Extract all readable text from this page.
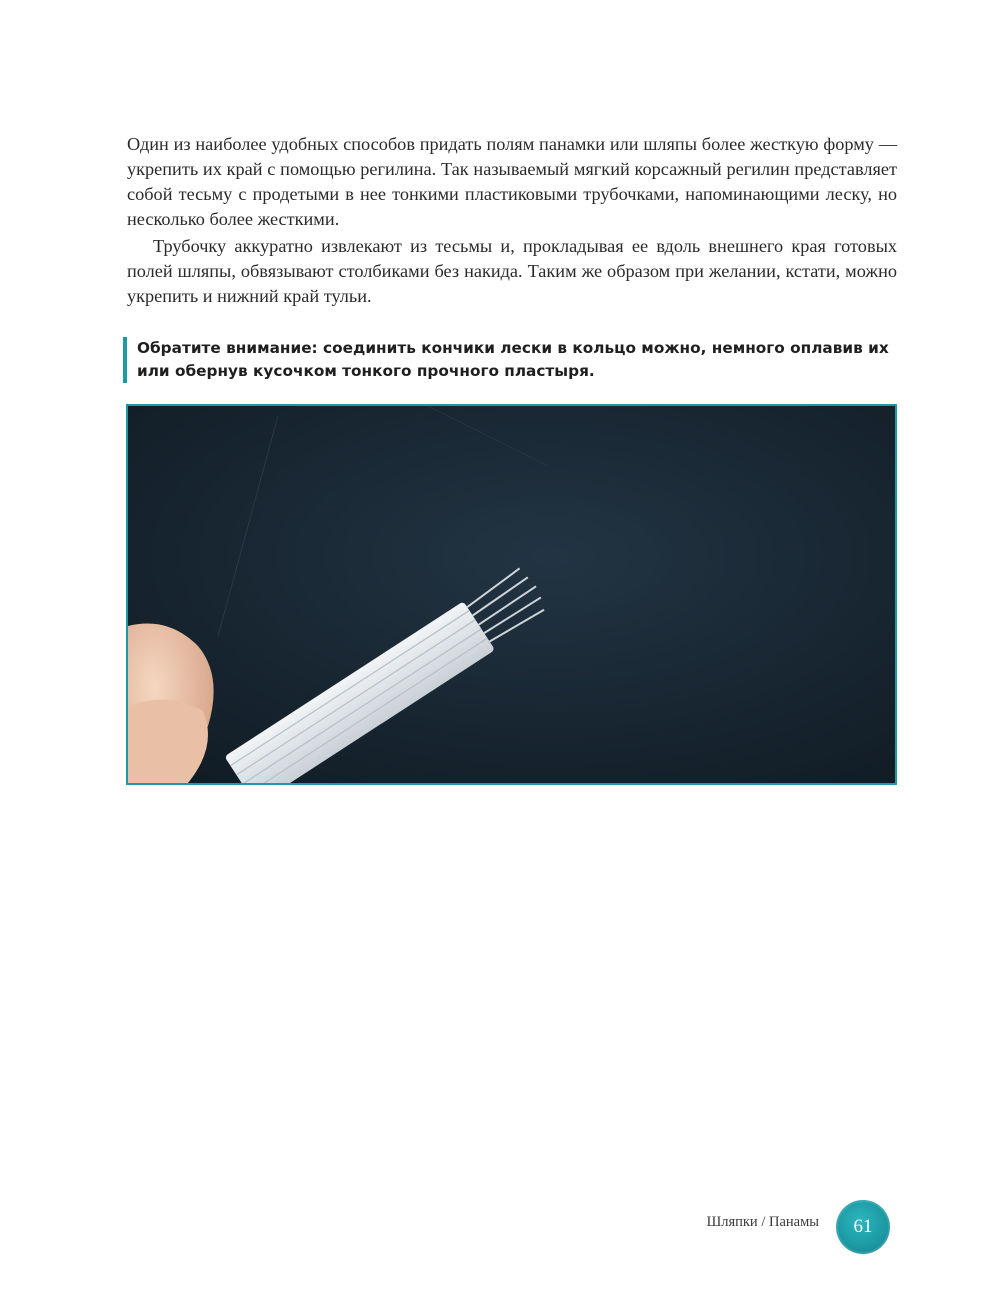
Один из наиболее удобных способов придать полям панамки или шляпы более жесткую форму — укрепить их край с помощью регилина. Так называемый мягкий корсажный регилин представляет собой тесьму с продетыми в нее тонкими пластиковыми трубочками, напоминающими леску, но несколько более жесткими.

Трубочку аккуратно извлекают из тесьмы и, прокладывая ее вдоль внешнего края готовых полей шляпы, обвязывают столбиками без накида. Таким же образом при желании, кстати, можно укрепить и нижний край тульи.

Обратите внимание: соединить кончики лески в кольцо можно, немного оплавив их или обернув кусочком тонкого прочного пластыря.
Шляпки / Панамы 61
